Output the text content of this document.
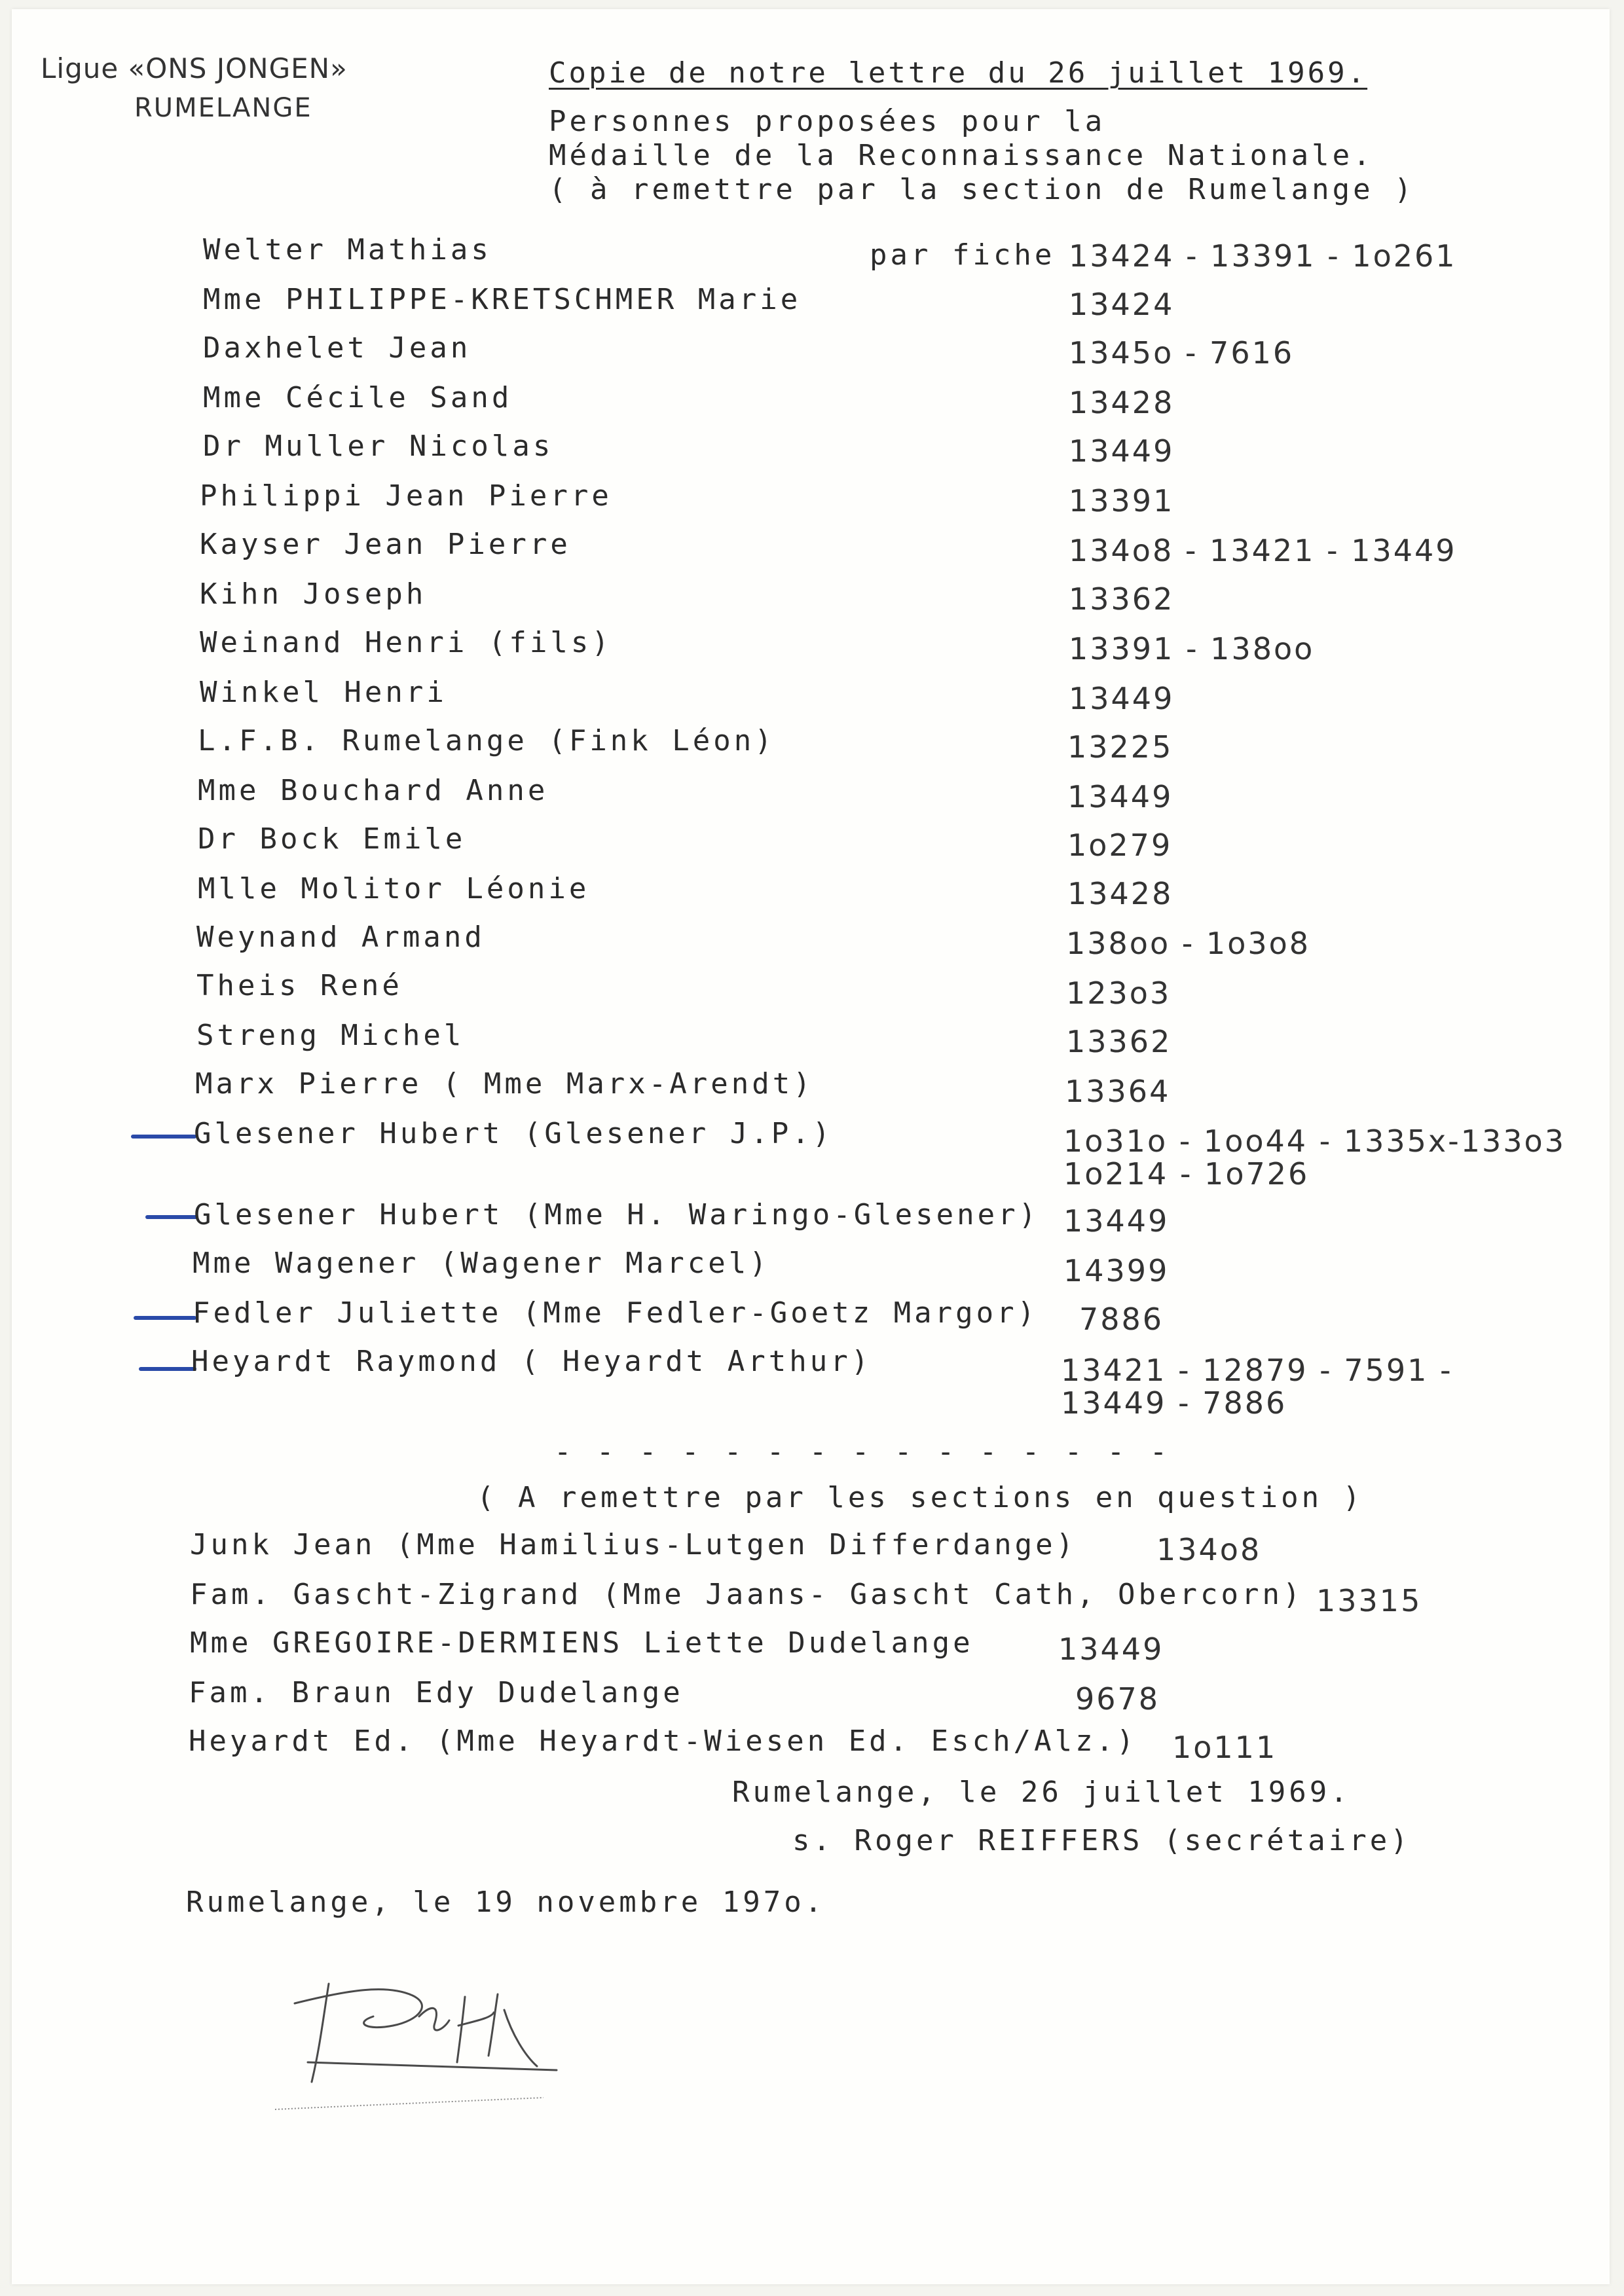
Ligue «ONS JONGEN»
RUMELANGE
Copie de notre lettre du 26 juillet 1969.
Personnes proposées pour la
Médaille de la Reconnaissance Nationale.
( à remettre par la section de Rumelange )
par fiche
Welter Mathias	13424 - 13391 - 1o261
Mme PHILIPPE-KRETSCHMER Marie	13424
Daxhelet Jean	1345o - 7616
Mme Cécile Sand	13428
Dr Muller Nicolas	13449
Philippi Jean Pierre	13391
Kayser Jean Pierre	134o8 - 13421 - 13449
Kihn Joseph	13362
Weinand Henri (fils)	13391 - 138oo
Winkel Henri	13449
L.F.B. Rumelange (Fink Léon)	13225
Mme Bouchard Anne	13449
Dr Bock Emile	1o279
Mlle Molitor Léonie	13428
Weynand Armand	138oo - 1o3o8
Theis René	123o3
Streng Michel	13362
Marx Pierre ( Mme Marx-Arendt)	13364
Glesener Hubert (Glesener J.P.)	1o31o - 1oo44 - 1335x-133o3
1o214 - 1o726
Glesener Hubert (Mme H. Waringo-Glesener) 13449
Mme Wagener (Wagener Marcel)	14399
Fedler Juliette (Mme Fedler-Goetz Margor) 7886
Heyardt Raymond ( Heyardt Arthur)	13421 - 12879 - 7591 -
13449 - 7886
- - - - - - - - - - - - - - -
( A remettre par les sections en question )
Junk Jean (Mme Hamilius-Lutgen Differdange)	134o8
Fam. Gascht-Zigrand (Mme Jaans- Gascht Cath, Obercorn) 13315
Mme GREGOIRE-DERMIENS Liette Dudelange	13449
Fam. Braun Edy Dudelange	9678
Heyardt Ed. (Mme Heyardt-Wiesen Ed. Esch/Alz.) 1o111
Rumelange, le 26 juillet 1969.
s. Roger REIFFERS (secrétaire)
Rumelange, le 19 novembre 197o.
